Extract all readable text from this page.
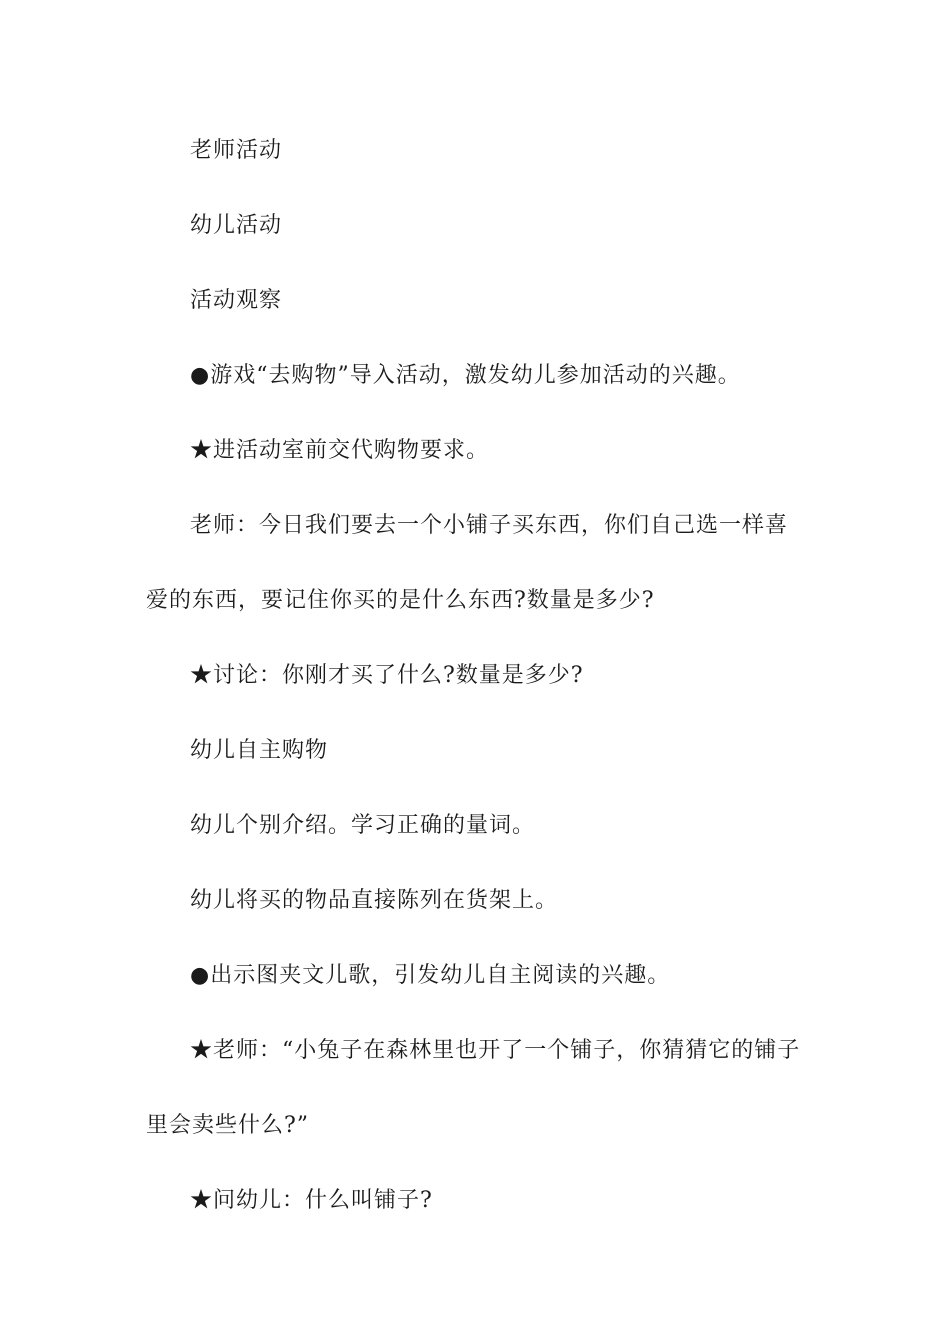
老师活动

幼儿活动

活动观察

●游戏“去购物”导入活动，激发幼儿参加活动的兴趣。

★进活动室前交代购物要求。

老师：今日我们要去一个小铺子买东西，你们自己选一样喜爱的东西，要记住你买的是什么东西?数量是多少?

★讨论：你刚才买了什么?数量是多少?

幼儿自主购物

幼儿个别介绍。学习正确的量词。

幼儿将买的物品直接陈列在货架上。

●出示图夹文儿歌，引发幼儿自主阅读的兴趣。

★老师：“小兔子在森林里也开了一个铺子，你猜猜它的铺子里会卖些什么?”

★问幼儿：什么叫铺子?
